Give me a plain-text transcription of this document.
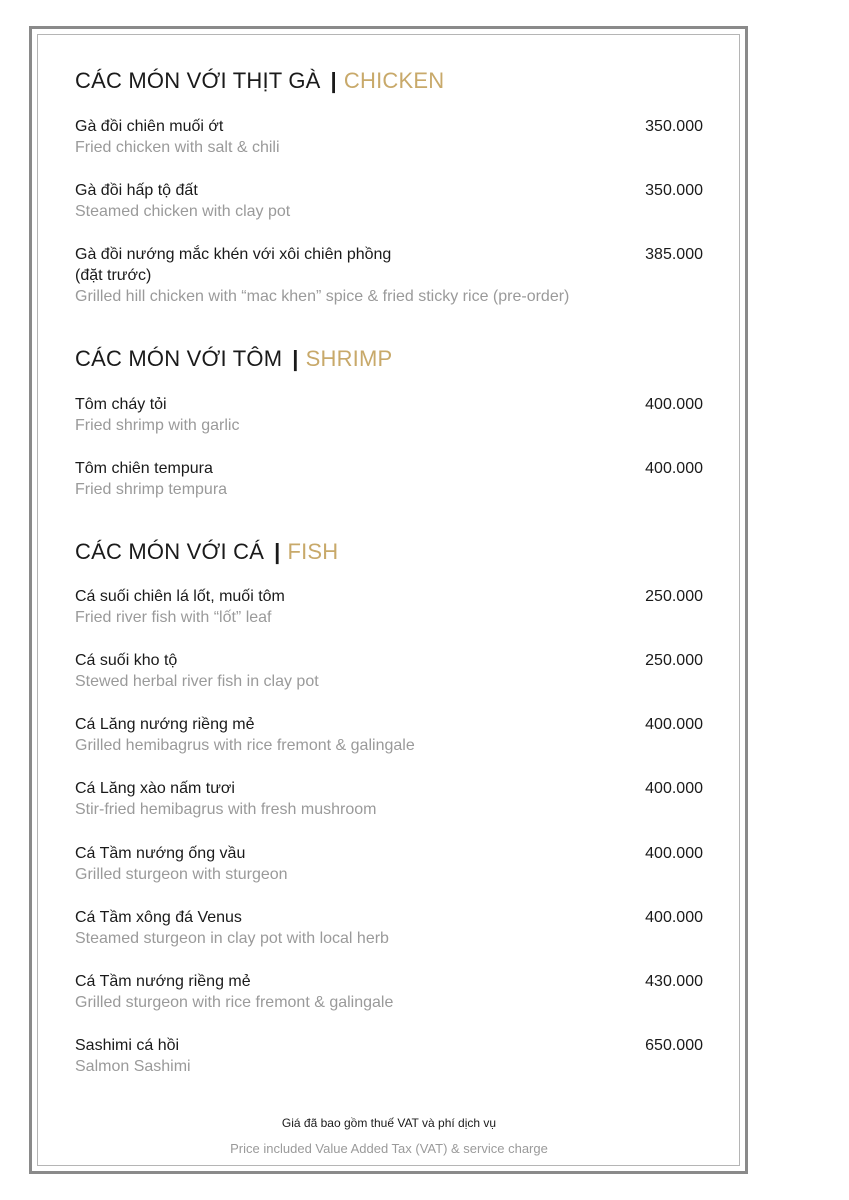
CÁC MÓN VỚI THỊT GÀ | CHICKEN
Gà đồi chiên muối ớt
Fried chicken with salt & chili
350.000
Gà đồi hấp tộ đất
Steamed chicken with clay pot
350.000
Gà đồi nướng mắc khén với xôi chiên phồng (đặt trước)
Grilled hill chicken with “mac khen” spice & fried sticky rice (pre-order)
385.000
CÁC MÓN VỚI TÔM | SHRIMP
Tôm cháy tỏi
Fried shrimp with garlic
400.000
Tôm chiên tempura
Fried shrimp tempura
400.000
CÁC MÓN VỚI CÁ | FISH
Cá suối chiên lá lốt, muối tôm
Fried river fish with “lốt” leaf
250.000
Cá suối kho tộ
Stewed herbal river fish in clay pot
250.000
Cá Lăng nướng riềng mẻ
Grilled hemibagrus with rice fremont & galingale
400.000
Cá Lăng xào nấm tươi
Stir-fried hemibagrus with fresh mushroom
400.000
Cá Tầm nướng ống vầu
Grilled sturgeon with sturgeon
400.000
Cá Tầm xông đá Venus
Steamed sturgeon in clay pot with local herb
400.000
Cá Tầm nướng riềng mẻ
Grilled sturgeon with rice fremont & galingale
430.000
Sashimi cá hồi
Salmon Sashimi
650.000
Giá đã bao gồm thuế VAT và phí dịch vụ
Price included Value Added Tax (VAT) & service charge
